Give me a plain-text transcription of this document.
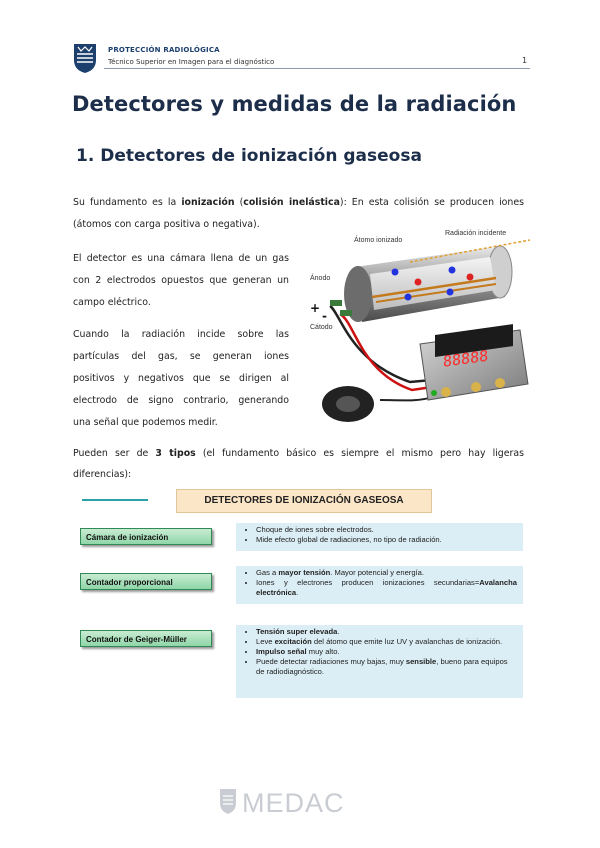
PROTECCIÓN RADIOLÓGICA
Técnico Superior en Imagen para el diagnóstico	1
Detectores y medidas de la radiación
1. Detectores de ionización gaseosa
Su fundamento es la ionización (colisión inelástica): En esta colisión se producen iones
(átomos con carga positiva o negativa).
El detector es una cámara llena de un gas
con 2 electrodos opuestos que generan un
campo eléctrico.
Cuando la radiación incide sobre las
partículas del gas, se generan iones
positivos y negativos que se dirigen al
electrodo de signo contrario, generando
una señal que podemos medir.
Átomo ionizado
Radiación incidente
Ánodo
Cátodo
+
-
88888
Pueden ser de 3 tipos (el fundamento básico es siempre el mismo pero hay ligeras
diferencias):
DETECTORES DE IONIZACIÓN GASEOSA
Cámara de ionización
• Choque de iones sobre electrodos.
• Mide efecto global de radiaciones, no tipo de radiación.
Contador proporcional
• Gas a mayor tensión. Mayor potencial y energía.
• Iones y electrones producen ionizaciones secundarias=Avalancha electrónica.
Contador de Geiger-Müller
• Tensión super elevada.
• Leve excitación del átomo que emite luz UV y avalanchas de ionización.
• Impulso señal muy alto.
• Puede detectar radiaciones muy bajas, muy sensible, bueno para equipos de radiodiagnóstico.
MEDAC
